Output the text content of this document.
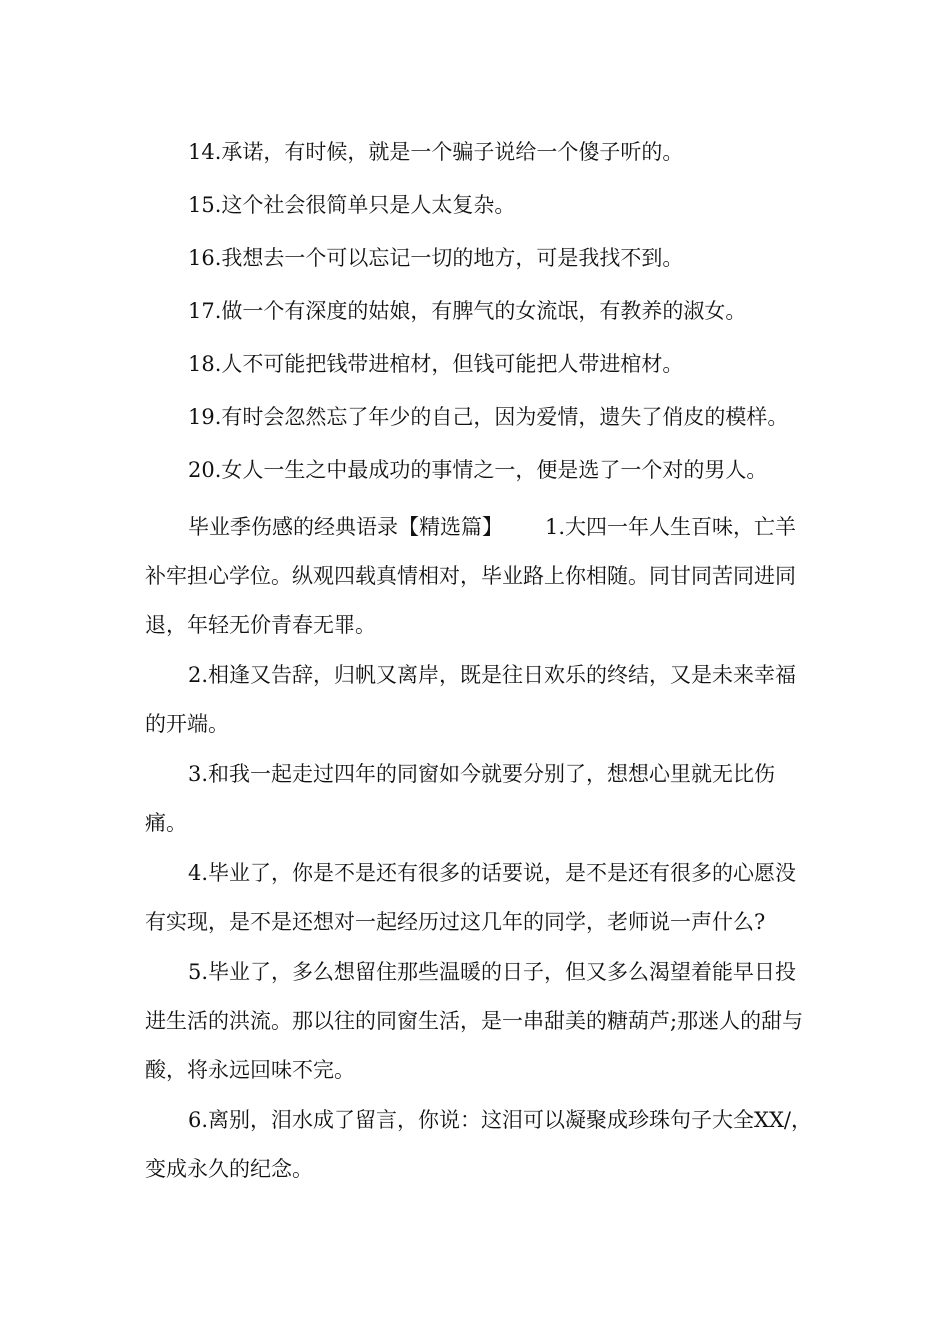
14.承诺，有时候，就是一个骗子说给一个傻子听的。

15.这个社会很简单只是人太复杂。

16.我想去一个可以忘记一切的地方，可是我找不到。

17.做一个有深度的姑娘，有脾气的女流氓，有教养的淑女。

18.人不可能把钱带进棺材，但钱可能把人带进棺材。

19.有时会忽然忘了年少的自己，因为爱情，遗失了俏皮的模样。

20.女人一生之中最成功的事情之一，便是选了一个对的男人。

毕业季伤感的经典语录【精选篇】 1.大四一年人生百味，亡羊补牢担心学位。纵观四载真情相对，毕业路上你相随。同甘同苦同进同退，年轻无价青春无罪。

2.相逢又告辞，归帆又离岸，既是往日欢乐的终结，又是未来幸福的开端。

3.和我一起走过四年的同窗如今就要分别了，想想心里就无比伤痛。

4.毕业了，你是不是还有很多的话要说，是不是还有很多的心愿没有实现，是不是还想对一起经历过这几年的同学，老师说一声什么?

5.毕业了，多么想留住那些温暖的日子，但又多么渴望着能早日投进生活的洪流。那以往的同窗生活，是一串甜美的糖葫芦;那迷人的甜与酸，将永远回味不完。

6.离别，泪水成了留言，你说：这泪可以凝聚成珍珠句子大全XX/，变成永久的纪念。
